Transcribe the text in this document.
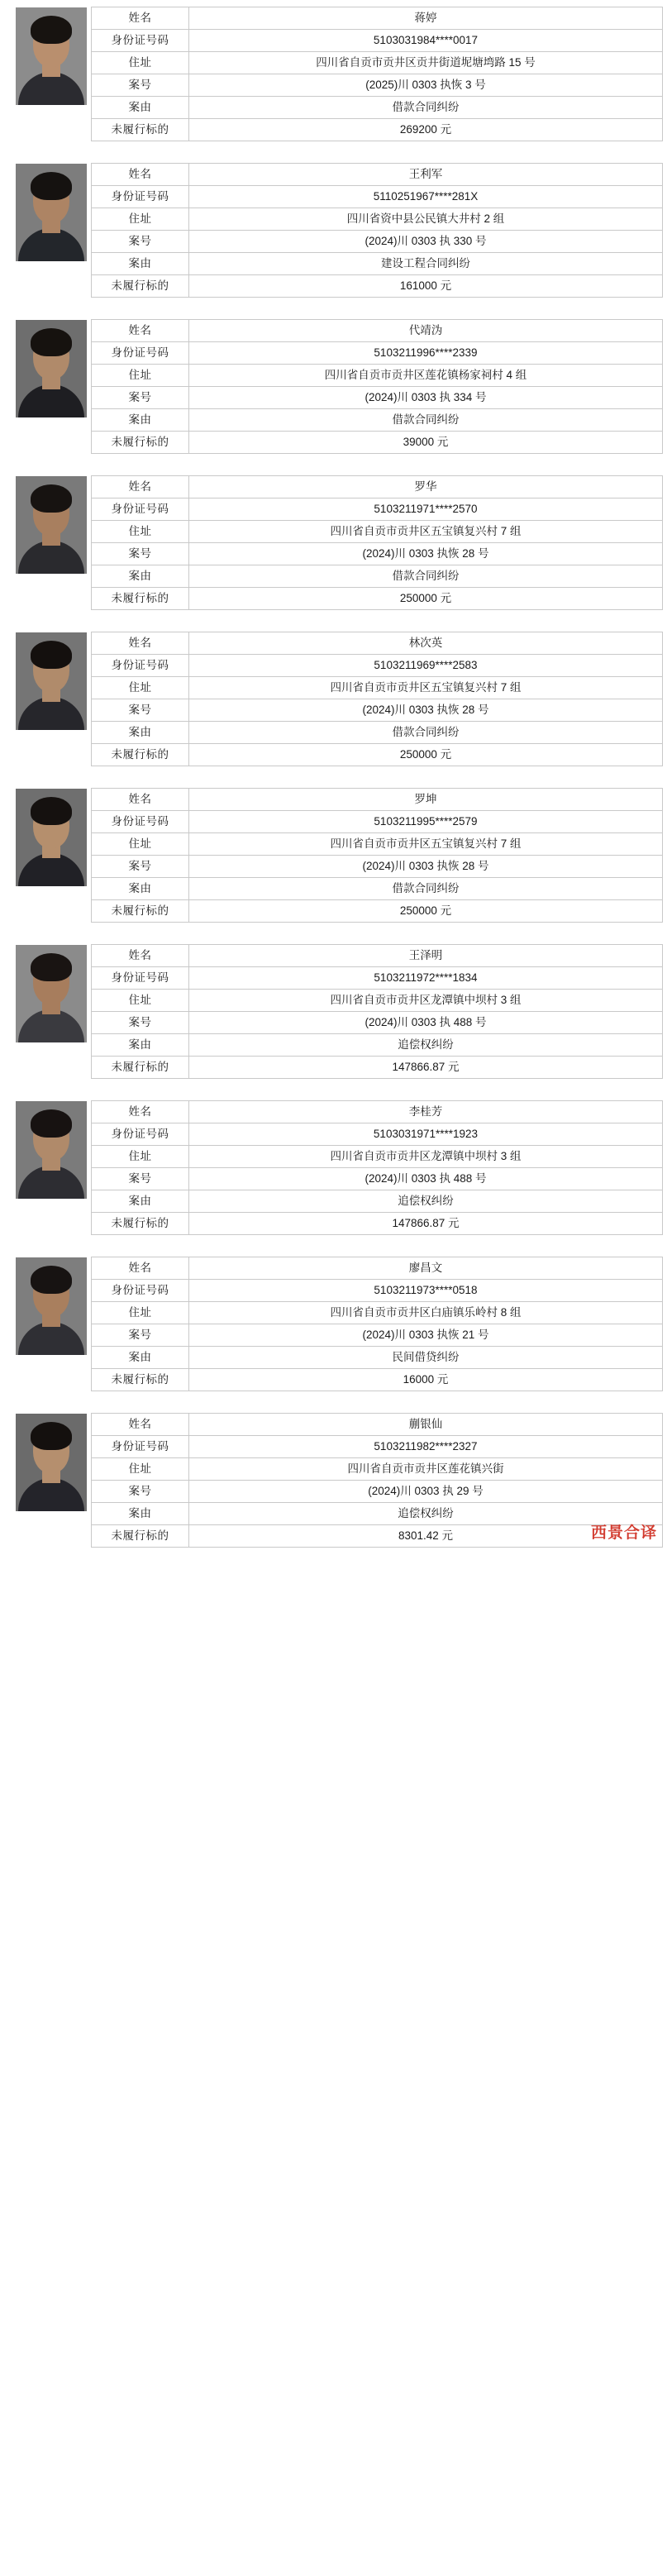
姓名	蒋婷
身份证号码	5103031984****0017
住址	四川省自贡市贡井区贡井街道坭塘塆路 15 号
案号	(2025)川 0303 执恢 3 号
案由	借款合同纠纷
未履行标的	269200 元
姓名	王利军
身份证号码	5110251967****281X
住址	四川省资中县公民镇大井村 2 组
案号	(2024)川 0303 执 330 号
案由	建设工程合同纠纷
未履行标的	161000 元
姓名	代靖沩
身份证号码	5103211996****2339
住址	四川省自贡市贡井区莲花镇杨家祠村 4 组
案号	(2024)川 0303 执 334 号
案由	借款合同纠纷
未履行标的	39000 元
姓名	罗华
身份证号码	5103211971****2570
住址	四川省自贡市贡井区五宝镇复兴村 7 组
案号	(2024)川 0303 执恢 28 号
案由	借款合同纠纷
未履行标的	250000 元
姓名	林次英
身份证号码	5103211969****2583
住址	四川省自贡市贡井区五宝镇复兴村 7 组
案号	(2024)川 0303 执恢 28 号
案由	借款合同纠纷
未履行标的	250000 元
姓名	罗坤
身份证号码	5103211995****2579
住址	四川省自贡市贡井区五宝镇复兴村 7 组
案号	(2024)川 0303 执恢 28 号
案由	借款合同纠纷
未履行标的	250000 元
姓名	王泽明
身份证号码	5103211972****1834
住址	四川省自贡市贡井区龙潭镇中坝村 3 组
案号	(2024)川 0303 执 488 号
案由	追偿权纠纷
未履行标的	147866.87 元
姓名	李桂芳
身份证号码	5103031971****1923
住址	四川省自贡市贡井区龙潭镇中坝村 3 组
案号	(2024)川 0303 执 488 号
案由	追偿权纠纷
未履行标的	147866.87 元
姓名	廖昌文
身份证号码	5103211973****0518
住址	四川省自贡市贡井区白庙镇乐岭村 8 组
案号	(2024)川 0303 执恢 21 号
案由	民间借贷纠纷
未履行标的	16000 元
姓名	蒯银仙
身份证号码	5103211982****2327
住址	四川省自贡市贡井区莲花镇兴街
案号	(2024)川 0303 执 29 号
案由	追偿权纠纷
未履行标的	8301.42 元	西景合译
